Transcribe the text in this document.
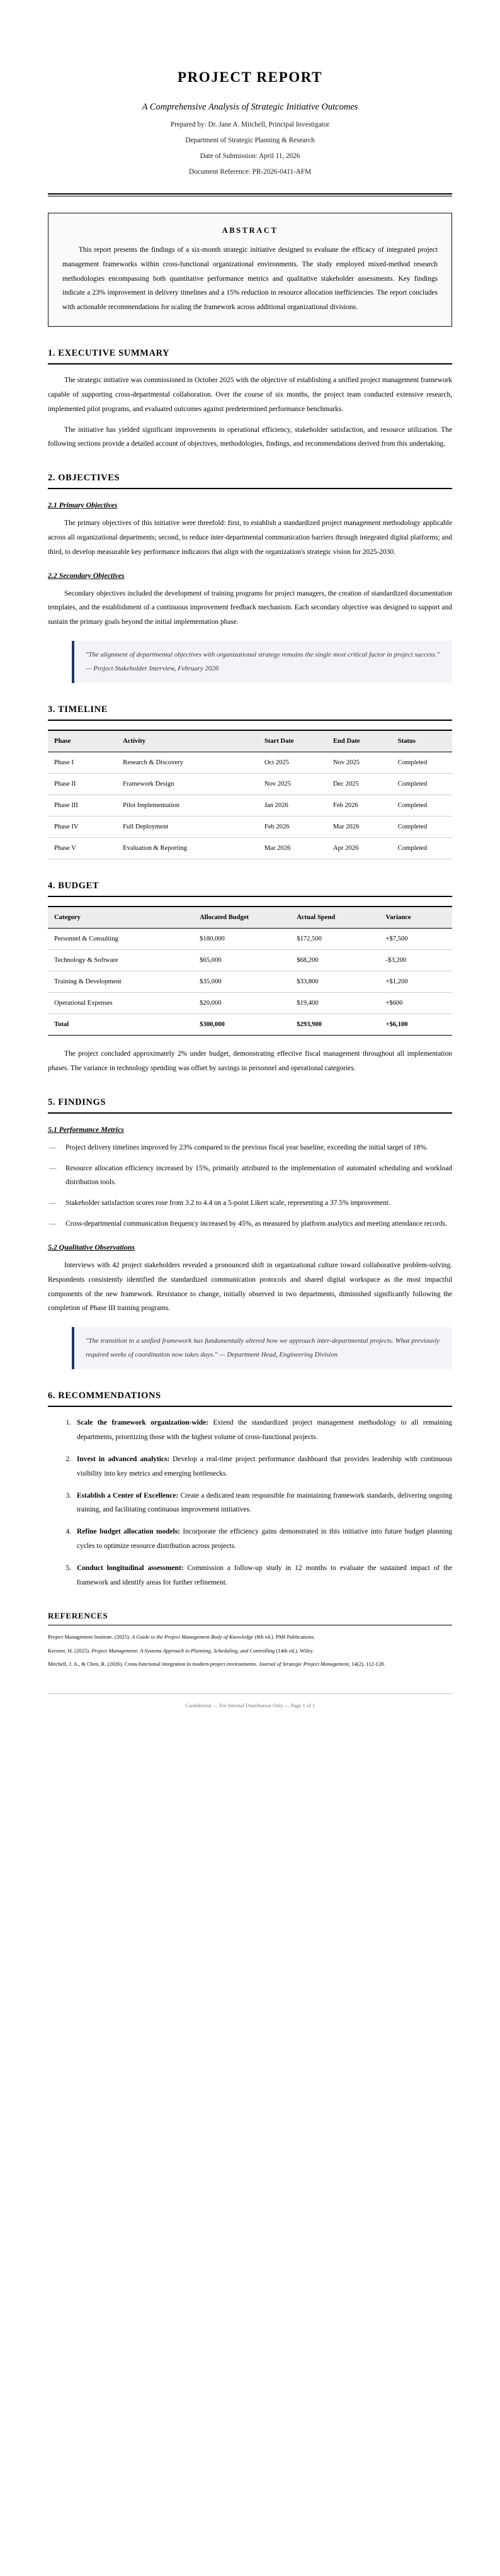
PROJECT REPORT
A Comprehensive Analysis of Strategic Initiative Outcomes
Prepared by: Dr. Jane A. Mitchell, Principal Investigator
Department of Strategic Planning & Research
Date of Submission: April 11, 2026
Document Reference: PR-2026-0411-AFM
ABSTRACT

This report presents the findings of a six-month strategic initiative designed to evaluate the efficacy of integrated project management frameworks within cross-functional organizational environments. The study employed mixed-method research methodologies encompassing both quantitative performance metrics and qualitative stakeholder assessments. Key findings indicate a 23% improvement in delivery timelines and a 15% reduction in resource allocation inefficiencies. The report concludes with actionable recommendations for scaling the framework across additional organizational divisions.

1. EXECUTIVE SUMMARY

The strategic initiative was commissioned in October 2025 with the objective of establishing a unified project management framework capable of supporting cross-departmental collaboration. Over the course of six months, the project team conducted extensive research, implemented pilot programs, and evaluated outcomes against predetermined performance benchmarks.

The initiative has yielded significant improvements in operational efficiency, stakeholder satisfaction, and resource utilization. The following sections provide a detailed account of objectives, methodologies, findings, and recommendations derived from this undertaking.

2. OBJECTIVES
2.1 Primary Objectives

The primary objectives of this initiative were threefold: first, to establish a standardized project management methodology applicable across all organizational departments; second, to reduce inter-departmental communication barriers through integrated digital platforms; and third, to develop measurable key performance indicators that align with the organization's strategic vision for 2025-2030.

2.2 Secondary Objectives

Secondary objectives included the development of training programs for project managers, the creation of standardized documentation templates, and the establishment of a continuous improvement feedback mechanism. Each secondary objective was designed to support and sustain the primary goals beyond the initial implementation phase.

"The alignment of departmental objectives with organizational strategy remains the single most critical factor in project success." — Project Stakeholder Interview, February 2026
3. TIMELINE
Phase	Activity	Start Date	End Date	Status
Phase I	Research & Discovery	Oct 2025	Nov 2025	Completed
Phase II	Framework Design	Nov 2025	Dec 2025	Completed
Phase III	Pilot Implementation	Jan 2026	Feb 2026	Completed
Phase IV	Full Deployment	Feb 2026	Mar 2026	Completed
Phase V	Evaluation & Reporting	Mar 2026	Apr 2026	Completed
4. BUDGET
Category	Allocated Budget	Actual Spend	Variance
Personnel & Consulting	$180,000	$172,500	+$7,500
Technology & Software	$65,000	$68,200	-$3,200
Training & Development	$35,000	$33,800	+$1,200
Operational Expenses	$20,000	$19,400	+$600
Total	$300,000	$293,900	+$6,100

The project concluded approximately 2% under budget, demonstrating effective fiscal management throughout all implementation phases. The variance in technology spending was offset by savings in personnel and operational categories.

5. FINDINGS
5.1 Performance Metrics
— Project delivery timelines improved by 23% compared to the previous fiscal year baseline, exceeding the initial target of 18%.
— Resource allocation efficiency increased by 15%, primarily attributed to the implementation of automated scheduling and workload distribution tools.
— Stakeholder satisfaction scores rose from 3.2 to 4.4 on a 5-point Likert scale, representing a 37.5% improvement.
— Cross-departmental communication frequency increased by 45%, as measured by platform analytics and meeting attendance records.
5.2 Qualitative Observations

Interviews with 42 project stakeholders revealed a pronounced shift in organizational culture toward collaborative problem-solving. Respondents consistently identified the standardized communication protocols and shared digital workspace as the most impactful components of the new framework. Resistance to change, initially observed in two departments, diminished significantly following the completion of Phase III training programs.

"The transition to a unified framework has fundamentally altered how we approach inter-departmental projects. What previously required weeks of coordination now takes days." — Department Head, Engineering Division
6. RECOMMENDATIONS
1. Scale the framework organization-wide: Extend the standardized project management methodology to all remaining departments, prioritizing those with the highest volume of cross-functional projects.
2. Invest in advanced analytics: Develop a real-time project performance dashboard that provides leadership with continuous visibility into key metrics and emerging bottlenecks.
3. Establish a Center of Excellence: Create a dedicated team responsible for maintaining framework standards, delivering ongoing training, and facilitating continuous improvement initiatives.
4. Refine budget allocation models: Incorporate the efficiency gains demonstrated in this initiative into future budget planning cycles to optimize resource distribution across projects.
5. Conduct longitudinal assessment: Commission a follow-up study in 12 months to evaluate the sustained impact of the framework and identify areas for further refinement.
REFERENCES

Project Management Institute. (2025). A Guide to the Project Management Body of Knowledge (8th ed.). PMI Publications.

Kerzner, H. (2025). Project Management: A Systems Approach to Planning, Scheduling, and Controlling (14th ed.). Wiley.

Mitchell, J. A., & Chen, R. (2026). Cross-functional integration in modern project environments. Journal of Strategic Project Management, 14(2), 112-128.

Confidential — For Internal Distribution Only — Page 1 of 1
